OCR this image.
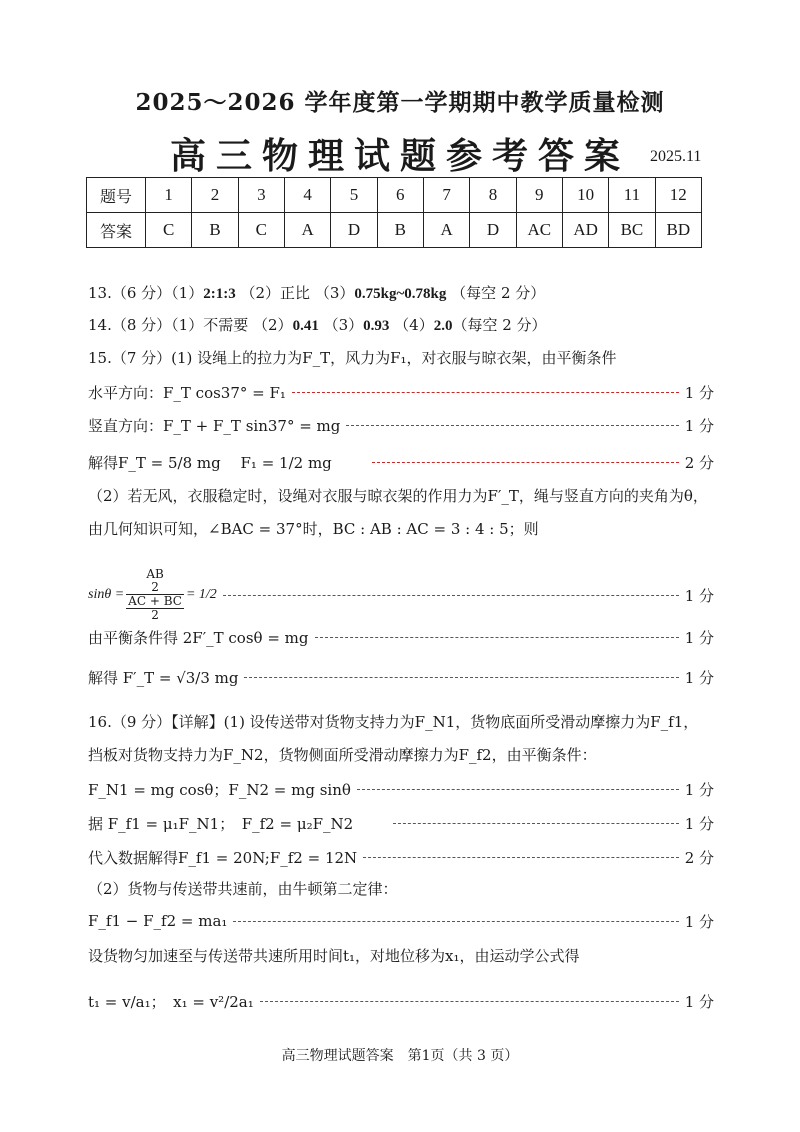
2025～2026 学年度第一学期期中教学质量检测
高三物理试题参考答案	2025.11
题号	1	2	3	4	5	6	7	8	9	10	11	12
答案	C	B	C	A	D	B	A	D	AC	AD	BC	BD
13.（6 分）（1）2:1:3 （2）正比 （3）0.75kg~0.78kg （每空 2 分）
14.（8 分）（1）不需要 （2）0.41 （3）0.93 （4）2.0（每空 2 分）
15.（7 分）(1) 设绳上的拉力为F_T，风力为F₁，对衣服与晾衣架，由平衡条件
水平方向：F_T cos37° = F₁	1 分
竖直方向：F_T + F_T sin37° = mg	1 分
解得F_T = 5/8 mg　 F₁ = 1/2 mg	2 分
（2）若无风，衣服稳定时，设绳对衣服与晾衣架的作用力为F′_T，绳与竖直方向的夹角为θ，
由几何知识可知，∠BAC = 37°时，BC : AB : AC = 3 : 4 : 5；则
sinθ =
AB
2
AC + BC
2
= 1/2	1 分
由平衡条件得 2F′_T cosθ = mg	1 分
解得 F′_T = √3/3 mg	1 分
16.（9 分）【详解】(1) 设传送带对货物支持力为F_N1，货物底面所受滑动摩擦力为F_f1，
挡板对货物支持力为F_N2，货物侧面所受滑动摩擦力为F_f2，由平衡条件：
F_N1 = mg cosθ；F_N2 = mg sinθ	1 分
据 F_f1 = μ₁F_N1；　F_f2 = μ₂F_N2	1 分
代入数据解得F_f1 = 20N;F_f2 = 12N	2 分
（2）货物与传送带共速前，由牛顿第二定律：
F_f1 − F_f2 = ma₁	1 分
设货物匀加速至与传送带共速所用时间t₁，对地位移为x₁，由运动学公式得
t₁ = v/a₁；　x₁ = v²/2a₁	1 分
高三物理试题答案　第1页（共 3 页）
